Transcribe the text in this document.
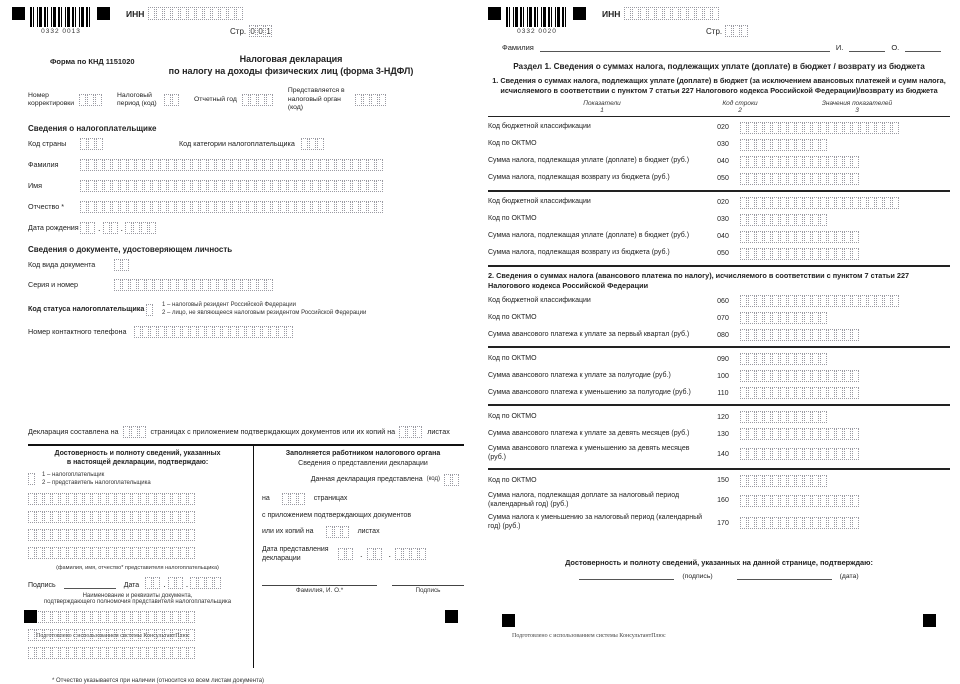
0332 0013
ИНН
Стр. 0 0 1
Форма по КНД 1151020	Налоговая декларация
по налогу на доходы физических лиц (форма 3-НДФЛ)
Номер корректировки
Налоговый период (код)
Отчетный год
Представляется в налоговый орган (код)
Сведения о налогоплательщике
Код страны	Код категории налогоплательщика
Фамилия
Имя
Отчество *
Дата рождения . .
Сведения о документе, удостоверяющем личность
Код вида документа
Серия и номер
Код статуса налогоплательщика	1 – налоговый резидент Российской Федерации
2 – лицо, не являющееся налоговым резидентом Российской Федерации
Номер контактного телефона
Декларация составлена на	страницах с приложением подтверждающих документов или их копий на	листах
Достоверность и полноту сведений, указанных
в настоящей декларации, подтверждаю:
1 – налогоплательщик
2 – представитель налогоплательщика

(фамилия, имя, отчество* представителя налогоплательщика)
Подпись	Дата	. .
Наименование и реквизиты документа,
подтверждающего полномочия представителя налогоплательщика

Заполняется работником налогового органа
Сведения о представлении декларации
Данная декларация представлена (код)
на	страницах
с приложением подтверждающих документов
или их копий на	листах
Дата представления
декларации	.	.
Фамилия, И. О.*	Подпись
* Отчество указывается при наличии (относится ко всем листам документа)
Подготовлено с использованием системы КонсультантПлюс
0332 0020
ИНН
Стр.
Фамилия	И.	О.
Раздел 1. Сведения о суммах налога, подлежащих уплате (доплате) в бюджет / возврату из бюджета
1. Сведения о суммах налога, подлежащих уплате (доплате) в бюджет (за исключением авансовых платежей и сумм налога, исчисляемого в соответствии с пунктом 7 статьи 227 Налогового кодекса Российской Федерации)/возврату из бюджета
Показатели
1
Код строки
2
Значения показателей
3
Код бюджетной классификации	020
Код по ОКТМО	030
Сумма налога, подлежащая уплате (доплате) в бюджет (руб.)	040
Сумма налога, подлежащая возврату из бюджета (руб.)	050
Код бюджетной классификации	020
Код по ОКТМО	030
Сумма налога, подлежащая уплате (доплате) в бюджет (руб.)	040
Сумма налога, подлежащая возврату из бюджета (руб.)	050
2. Сведения о суммах налога (авансового платежа по налогу), исчисляемого в соответствии с пунктом 7 статьи 227 Налогового кодекса Российской Федерации
Код бюджетной классификации	060
Код по ОКТМО	070
Сумма авансового платежа к уплате за первый квартал (руб.)	080
Код по ОКТМО	090
Сумма авансового платежа к уплате за полугодие (руб.)	100
Сумма авансового платежа к уменьшению за полугодие (руб.)	110
Код по ОКТМО	120
Сумма авансового платежа к уплате за девять месяцев (руб.)	130
Сумма авансового платежа к уменьшению за девять месяцев (руб.)	140
Код по ОКТМО	150
Сумма налога, подлежащая доплате за налоговый период (календарный год) (руб.)	160
Сумма налога к уменьшению за налоговый период (календарный год) (руб.)	170
Достоверность и полноту сведений, указанных на данной странице, подтверждаю:
(подпись)	(дата)
Подготовлено с использованием системы КонсультантПлюс
